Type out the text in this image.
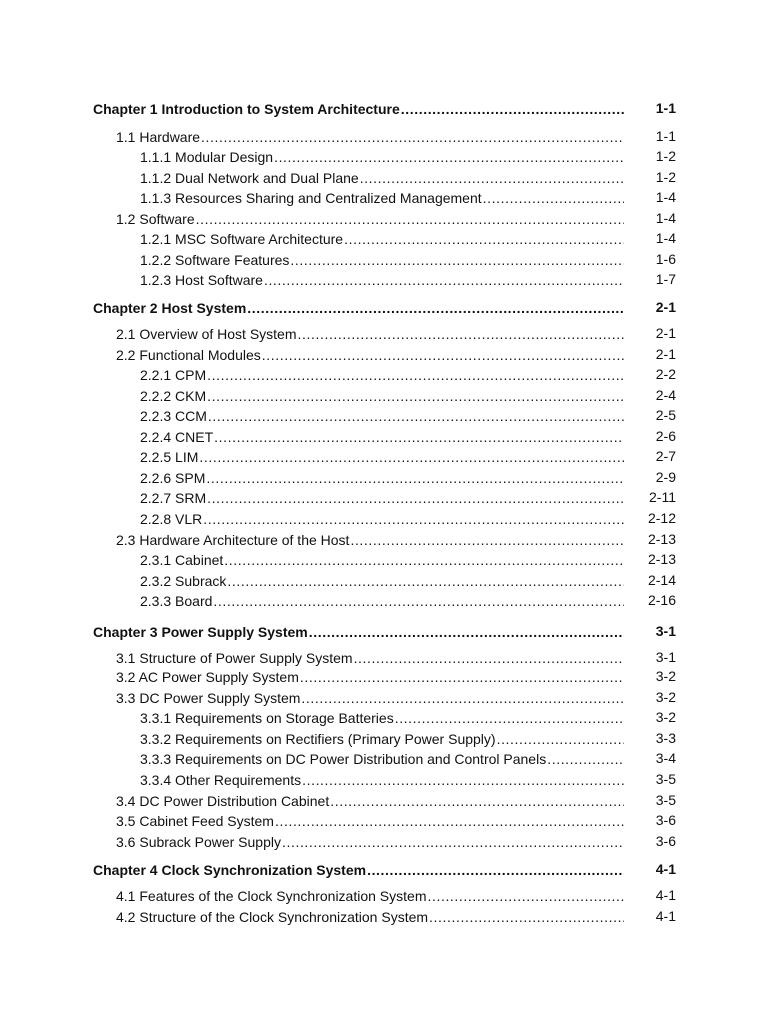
Chapter 1 Introduction to System Architecture .....	1-1
1.1 Hardware .....	1-1
1.1.1 Modular Design .....	1-2
1.1.2 Dual Network and Dual Plane .....	1-2
1.1.3 Resources Sharing and Centralized Management .....	1-4
1.2 Software .....	1-4
1.2.1 MSC Software Architecture .....	1-4
1.2.2 Software Features .....	1-6
1.2.3 Host Software .....	1-7
Chapter 2 Host System .....	2-1
2.1 Overview of Host System .....	2-1
2.2 Functional Modules .....	2-1
2.2.1 CPM .....	2-2
2.2.2 CKM .....	2-4
2.2.3 CCM .....	2-5
2.2.4 CNET .....	2-6
2.2.5 LIM .....	2-7
2.2.6 SPM .....	2-9
2.2.7 SRM .....	2-11
2.2.8 VLR .....	2-12
2.3 Hardware Architecture of the Host .....	2-13
2.3.1 Cabinet .....	2-13
2.3.2 Subrack .....	2-14
2.3.3 Board .....	2-16
Chapter 3 Power Supply System .....	3-1
3.1 Structure of Power Supply System .....	3-1
3.2 AC Power Supply System .....	3-2
3.3 DC Power Supply System .....	3-2
3.3.1 Requirements on Storage Batteries .....	3-2
3.3.2 Requirements on Rectifiers (Primary Power Supply) .....	3-3
3.3.3 Requirements on DC Power Distribution and Control Panels .....	3-4
3.3.4 Other Requirements .....	3-5
3.4 DC Power Distribution Cabinet .....	3-5
3.5 Cabinet Feed System .....	3-6
3.6 Subrack Power Supply .....	3-6
Chapter 4 Clock Synchronization System .....	4-1
4.1 Features of the Clock Synchronization System .....	4-1
4.2 Structure of the Clock Synchronization System .....	4-1
